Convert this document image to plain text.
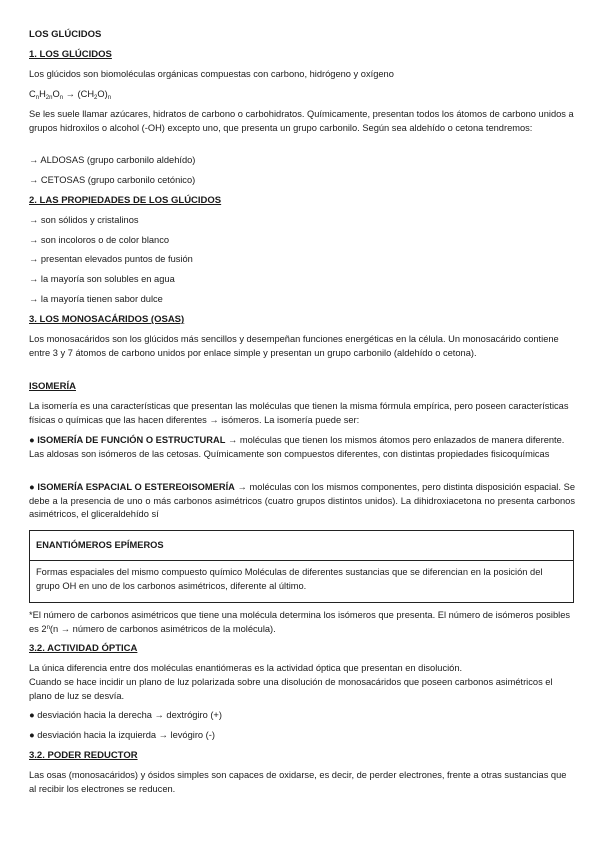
LOS GLÚCIDOS

1. LOS GLÚCIDOS

Los glúcidos son biomoléculas orgánicas compuestas con carbono, hidrógeno y oxígeno

$C_nH_{2n}O_n \to (CH_2O)_n$

Se les suele llamar azúcares, hidratos de carbono o carbohidratos. Químicamente, presentan todos los átomos de carbono unidos a grupos hidroxilos o alcohol (-OH) excepto uno, que presenta un grupo carbonilo. Según sea aldehído o cetona tendremos:

→ ALDOSAS (grupo carbonilo aldehído)

→ CETOSAS (grupo carbonilo cetónico)

2. LAS PROPIEDADES DE LOS GLÚCIDOS

→ son sólidos y cristalinos

→ son incoloros o de color blanco

→ presentan elevados puntos de fusión

→ la mayoría son solubles en agua

→ la mayoría tienen sabor dulce

3. LOS MONOSACÁRIDOS (OSAS)

Los monosacáridos son los glúcidos más sencillos y desempeñan funciones energéticas en la célula. Un monosacárido contiene entre 3 y 7 átomos de carbono unidos por enlace simple y presentan un grupo carbonilo (aldehído o cetona).

ISOMERÍA

La isomería es una características que presentan las moléculas que tienen la misma fórmula empírica, pero poseen características físicas o químicas que las hacen diferentes → isómeros. La isomería puede ser:

● ISOMERÍA DE FUNCIÓN O ESTRUCTURAL → moléculas que tienen los mismos átomos pero enlazados de manera diferente. Las aldosas son isómeros de las cetosas. Químicamente son compuestos diferentes, con distintas propiedades fisicoquímicas

● ISOMERÍA ESPACIAL O ESTEREOISOMERÍA → moléculas con los mismos componentes, pero distinta disposición espacial. Se debe a la presencia de uno o más carbonos asimétricos (cuatro grupos distintos unidos). La dihidroxiacetona no presenta carbonos asimétricos, el gliceraldehído sí

ENANTIÓMEROS EPÍMEROS
Formas espaciales del mismo compuesto químico Moléculas de diferentes sustancias que se diferencian en la posición del grupo OH en uno de los carbonos asimétricos, diferente al último.

*El número de carbonos asimétricos que tiene una molécula determina los isómeros que presenta. El número de isómeros posibles es $2^n(n$ → número de carbonos asimétricos de la molécula).

3.2. ACTIVIDAD ÓPTICA

La única diferencia entre dos moléculas enantiómeras es la actividad óptica que presentan en disolución.

Cuando se hace incidir un plano de luz polarizada sobre una disolución de monosacáridos que poseen carbonos asimétricos el plano de luz se desvía.

● desviación hacia la derecha → dextrógiro (+)

● desviación hacia la izquierda → levógiro (-)

3.2. PODER REDUCTOR

Las osas (monosacáridos) y ósidos simples son capaces de oxidarse, es decir, de perder electrones, frente a otras sustancias que al recibir los electrones se reducen.
